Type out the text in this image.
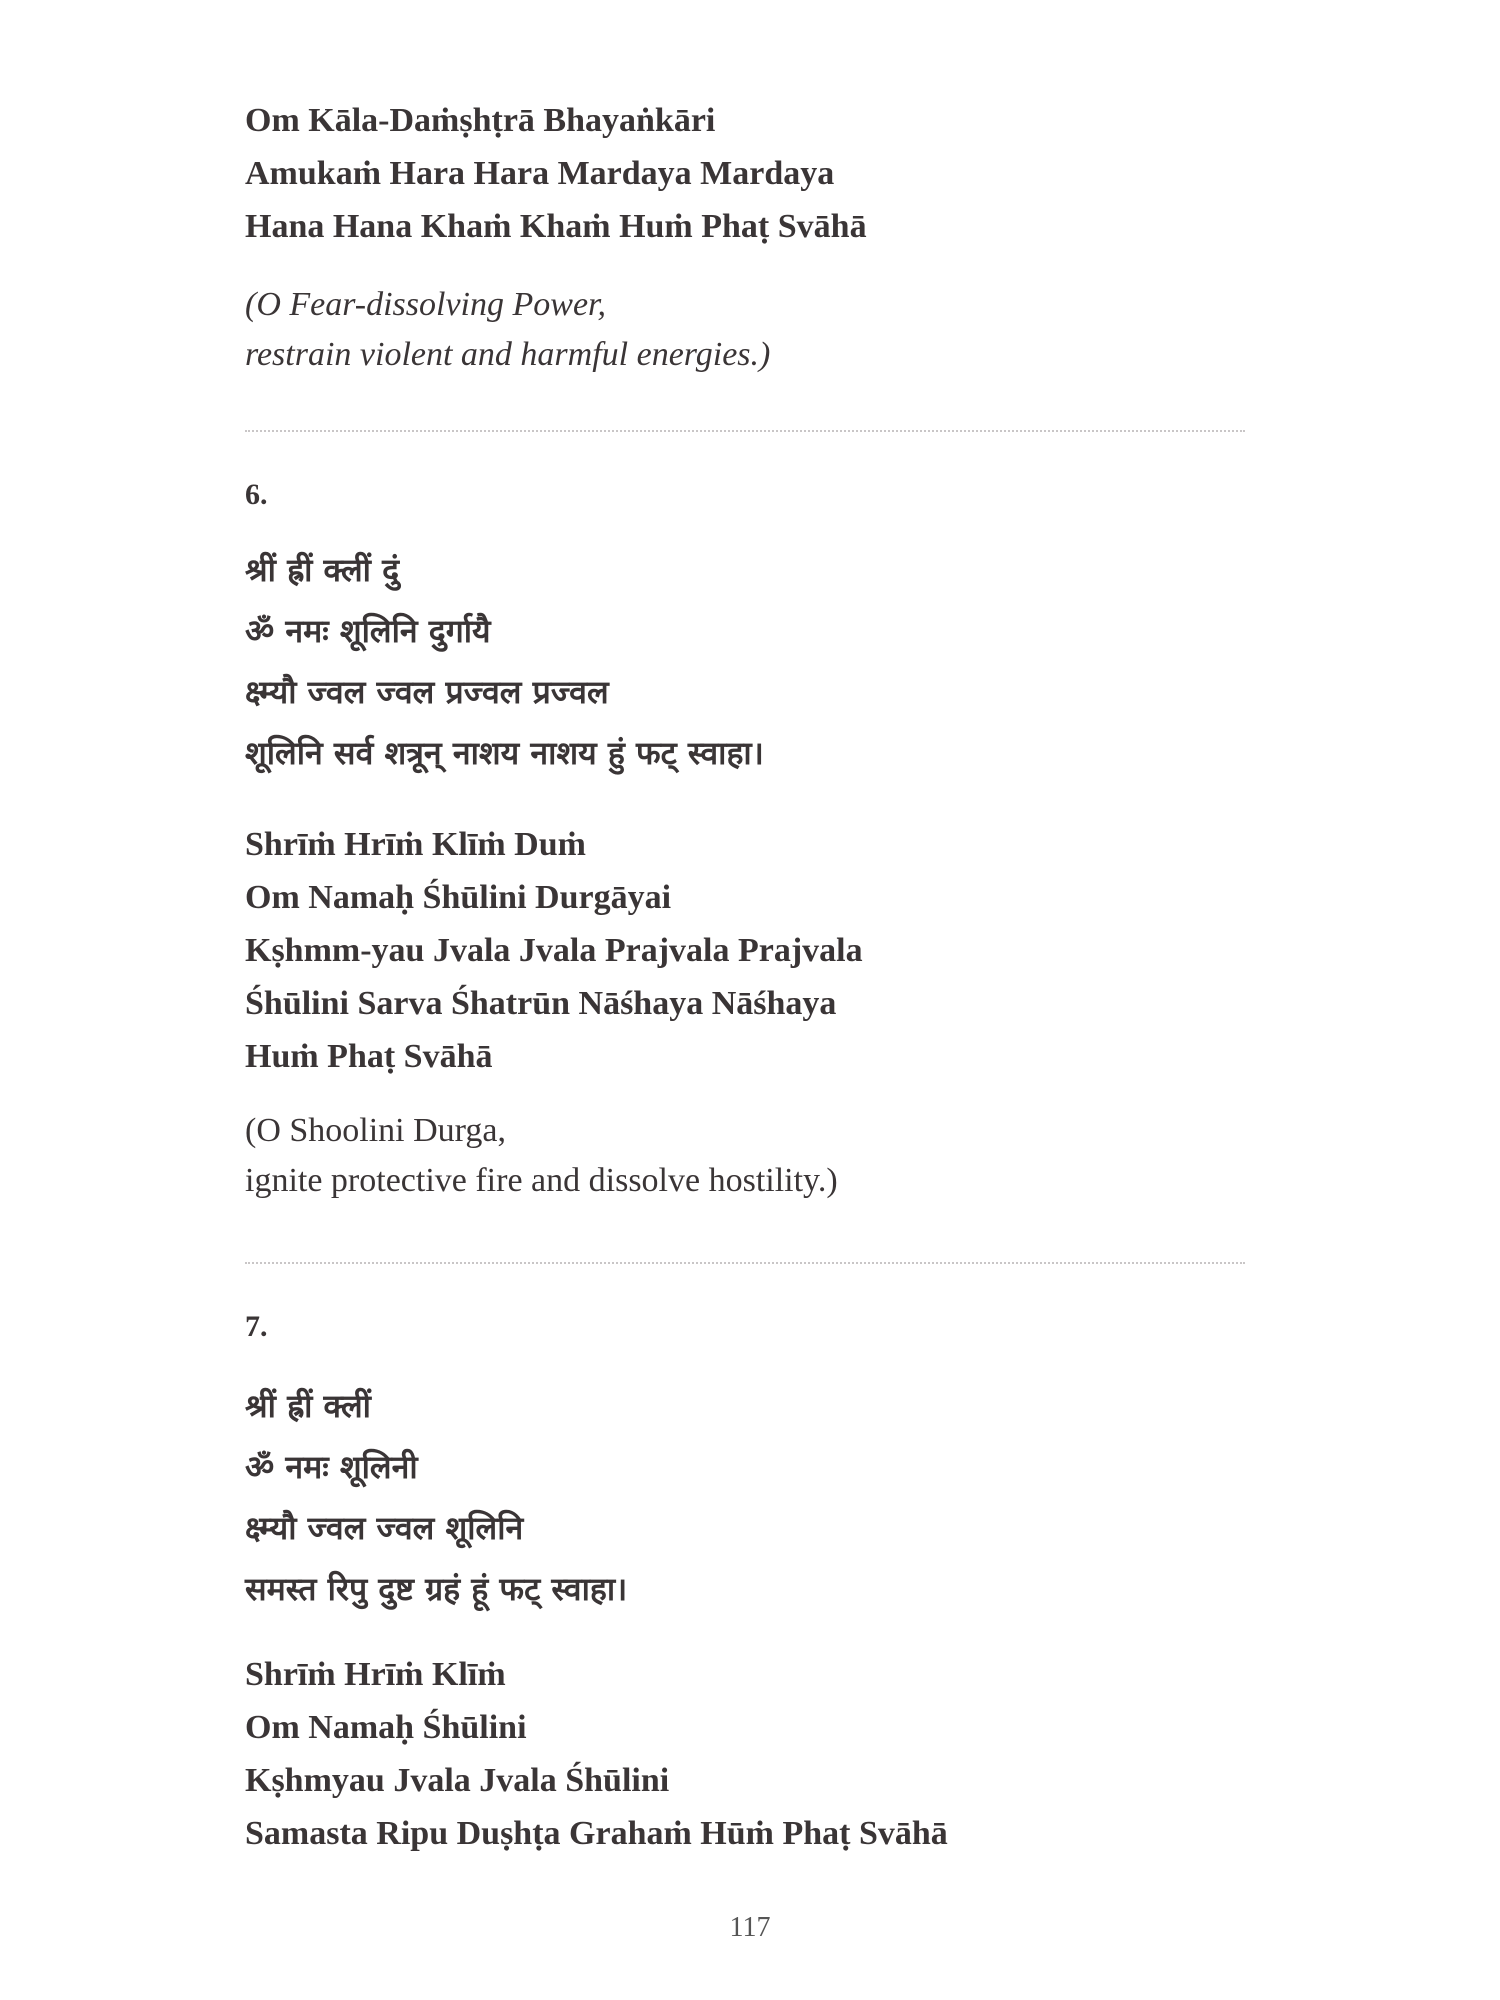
Om Kāla-Daṁṣhṭrā Bhayaṅkāri
Amukaṁ Hara Hara Mardaya Mardaya
Hana Hana Khaṁ Khaṁ Huṁ Phaṭ Svāhā
(O Fear-dissolving Power,
restrain violent and harmful energies.)
6.
श्रीं ह्रीं क्लीं दुं
ॐ नमः शूलिनि दुर्गायै
क्ष्म्यौ ज्वल ज्वल प्रज्वल प्रज्वल
शूलिनि सर्व शत्रून् नाशय नाशय हुं फट् स्वाहा।
Shrīṁ Hrīṁ Klīṁ Duṁ
Om Namaḥ Śhūlini Durgāyai
Kṣhmm-yau Jvala Jvala Prajvala Prajvala
Śhūlini Sarva Śhatrūn Nāśhaya Nāśhaya
Huṁ Phaṭ Svāhā
(O Shoolini Durga,
ignite protective fire and dissolve hostility.)
7.
श्रीं ह्रीं क्लीं
ॐ नमः शूलिनी
क्ष्म्यौ ज्वल ज्वल शूलिनि
समस्त रिपु दुष्ट ग्रहं हूं फट् स्वाहा।
Shrīṁ Hrīṁ Klīṁ
Om Namaḥ Śhūlini
Kṣhmyau Jvala Jvala Śhūlini
Samasta Ripu Duṣhṭa Grahaṁ Hūṁ Phaṭ Svāhā
117
